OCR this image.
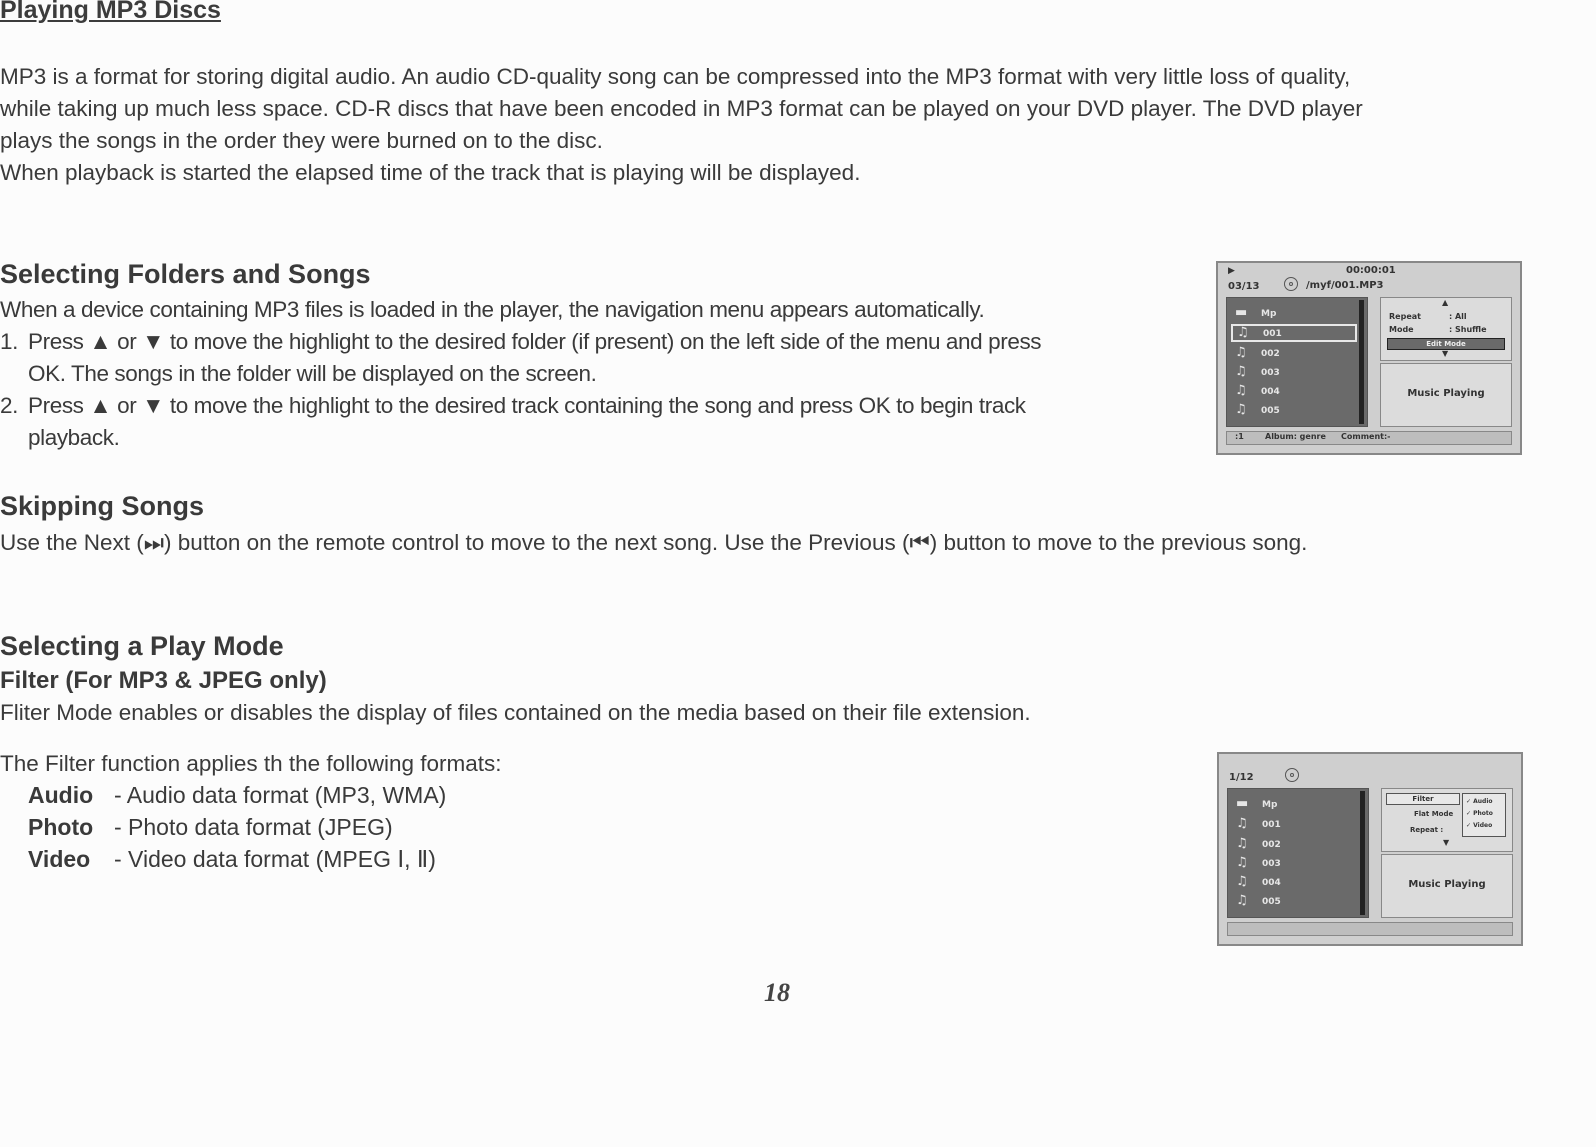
Playing MP3 Discs

MP3 is a format for storing digital audio. An audio CD-quality song can be compressed into the MP3 format with very little loss of quality,

while taking up much less space. CD-R discs that have been encoded in MP3 format can be played on your DVD player. The DVD player

plays the songs in the order they were burned on to the disc.

When playback is started the elapsed time of the track that is playing will be displayed.

Selecting Folders and Songs

When a device containing MP3 files is loaded in the player, the navigation menu appears automatically.

1. Press ▲ or ▼ to move the highlight to the desired folder (if present) on the left side of the menu and press

OK. The songs in the folder will be displayed on the screen.

2. Press ▲ or ▼ to move the highlight to the desired track containing the song and press OK to begin track

playback.

▶	00:00:01
03/13	/myf/001.MP3
▬ Mp
♫ 001
♫ 002
♫ 003
♫ 004
♫ 005
▲
Repeat	: All
Mode	: Shuffle
Edit Mode
▼
Music Playing
:1	Album: genre Comment:-
Skipping Songs

Use the Next (⏭) button on the remote control to move to the next song. Use the Previous (⏮) button to move to the previous song.

Selecting a Play Mode
Filter (For MP3 & JPEG only)

Fliter Mode enables or disables the display of files contained on the media based on their file extension.

The Filter function applies th the following formats:

Audio - Audio data format (MP3, WMA)
Photo - Photo data format (JPEG)
Video - Video data format (MPEG Ⅰ, Ⅱ)
1/12
▬ Mp
♫ 001
♫ 002
♫ 003
♫ 004
♫ 005
Filter
Flat Mode
Repeat :
✓ Audio
✓ Photo
✓ Video
▼
Music Playing
18
